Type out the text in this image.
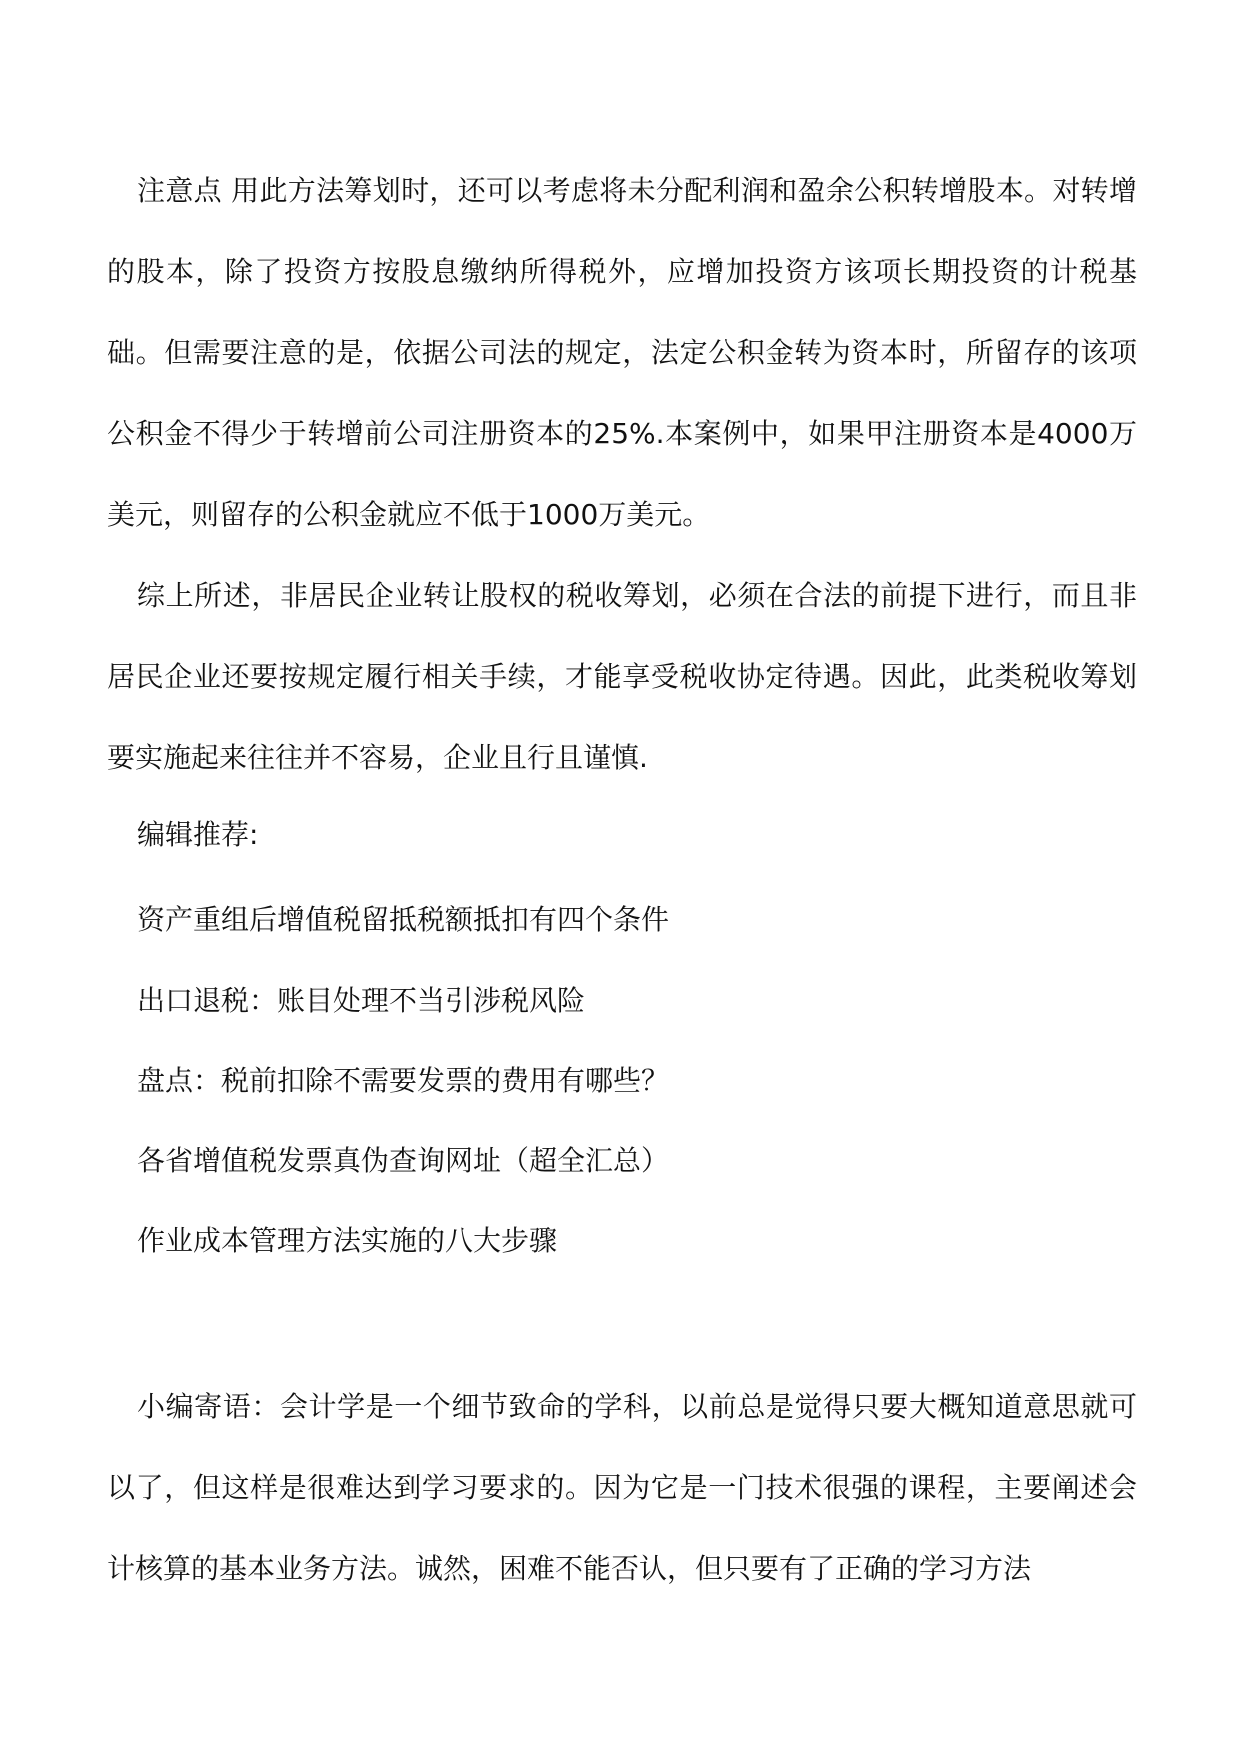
注意点 用此方法筹划时，还可以考虑将未分配利润和盈余公积转增股本。对转增的股本，除了投资方按股息缴纳所得税外，应增加投资方该项长期投资的计税基础。但需要注意的是，依据公司法的规定，法定公积金转为资本时，所留存的该项公积金不得少于转增前公司注册资本的25%.本案例中，如果甲注册资本是4000万美元，则留存的公积金就应不低于1000万美元。

综上所述，非居民企业转让股权的税收筹划，必须在合法的前提下进行，而且非居民企业还要按规定履行相关手续，才能享受税收协定待遇。因此，此类税收筹划要实施起来往往并不容易，企业且行且谨慎.

编辑推荐:

资产重组后增值税留抵税额抵扣有四个条件

出口退税：账目处理不当引涉税风险

盘点：税前扣除不需要发票的费用有哪些？

各省增值税发票真伪查询网址（超全汇总）

作业成本管理方法实施的八大步骤

小编寄语：会计学是一个细节致命的学科，以前总是觉得只要大概知道意思就可以了，但这样是很难达到学习要求的。因为它是一门技术很强的课程，主要阐述会计核算的基本业务方法。诚然，困难不能否认，但只要有了正确的学习方法
